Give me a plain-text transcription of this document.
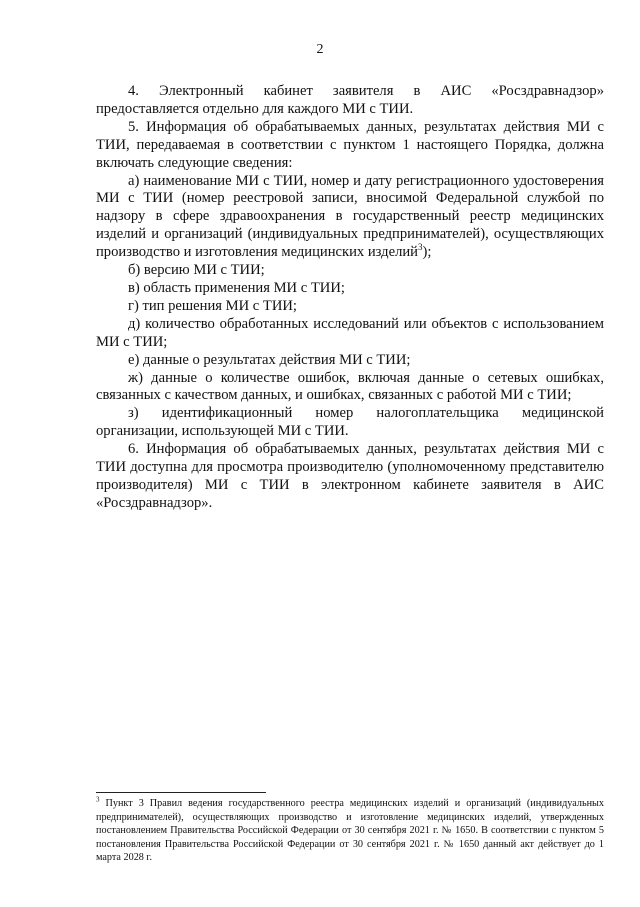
2

4. Электронный кабинет заявителя в АИС «Росздравнадзор» предоставляется отдельно для каждого МИ с ТИИ.

5. Информация об обрабатываемых данных, результатах действия МИ с ТИИ, передаваемая в соответствии с пунктом 1 настоящего Порядка, должна включать следующие сведения:

а) наименование МИ с ТИИ, номер и дату регистрационного удостоверения МИ с ТИИ (номер реестровой записи, вносимой Федеральной службой по надзору в сфере здравоохранения в государственный реестр медицинских изделий и организаций (индивидуальных предпринимателей), осуществляющих производство и изготовления медицинских изделий$^3$);

б) версию МИ с ТИИ;

в) область применения МИ с ТИИ;

г) тип решения МИ с ТИИ;

д) количество обработанных исследований или объектов с использованием МИ с ТИИ;

е) данные о результатах действия МИ с ТИИ;

ж) данные о количестве ошибок, включая данные о сетевых ошибках, связанных с качеством данных, и ошибках, связанных с работой МИ с ТИИ;

з) идентификационный номер налогоплательщика медицинской организации, использующей МИ с ТИИ.

6. Информация об обрабатываемых данных, результатах действия МИ с ТИИ доступна для просмотра производителю (уполномоченному представителю производителя) МИ с ТИИ в электронном кабинете заявителя в АИС «Росздравнадзор».

$^3$ Пункт 3 Правил ведения государственного реестра медицинских изделий и организаций (индивидуальных предпринимателей), осуществляющих производство и изготовление медицинских изделий, утвержденных постановлением Правительства Российской Федерации от 30 сентября 2021 г. № 1650. В соответствии с пунктом 5 постановления Правительства Российской Федерации от 30 сентября 2021 г. № 1650 данный акт действует до 1 марта 2028 г.
